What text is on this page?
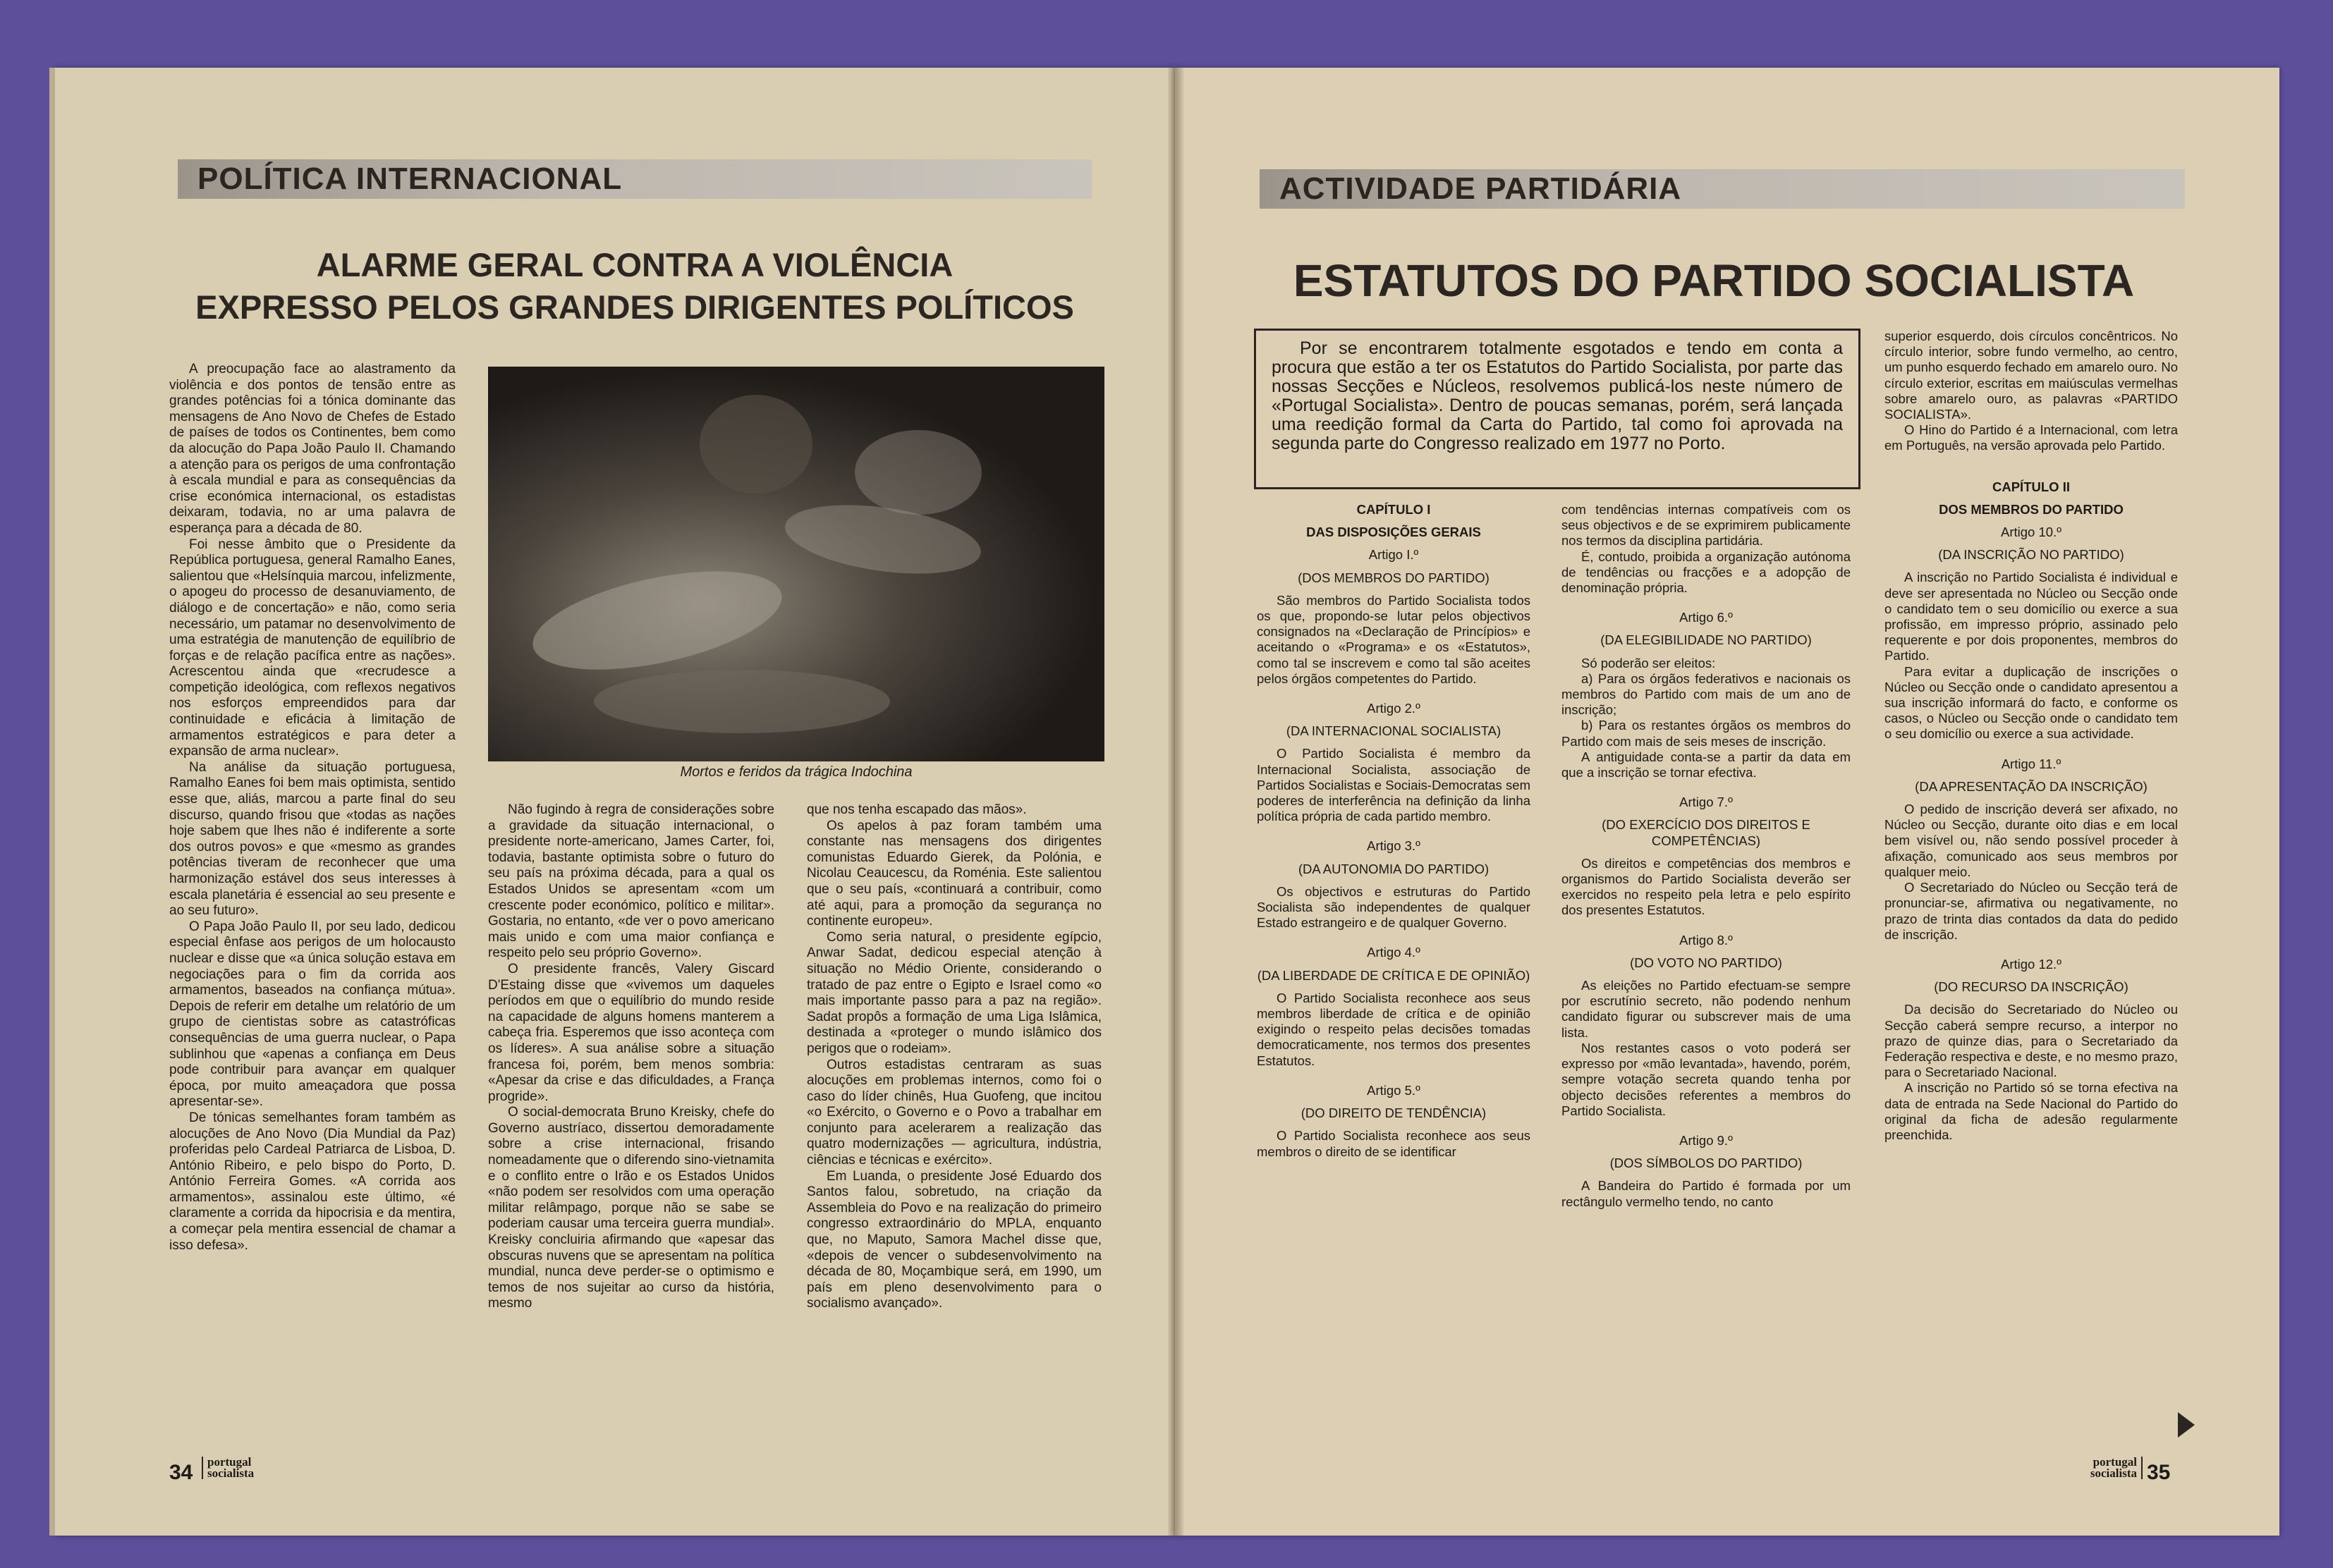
POLÍTICA INTERNACIONAL
ALARME GERAL CONTRA A VIOLÊNCIA
EXPRESSO PELOS GRANDES DIRIGENTES POLÍTICOS

A preocupação face ao alastramento da violência e dos pontos de tensão entre as grandes potências foi a tónica dominante das mensagens de Ano Novo de Chefes de Estado de países de todos os Continentes, bem como da alocução do Papa João Paulo II. Chamando a atenção para os perigos de uma confrontação à escala mundial e para as consequências da crise económica internacional, os estadistas deixaram, todavia, no ar uma palavra de esperança para a década de 80.

Foi nesse âmbito que o Presidente da República portuguesa, general Ramalho Eanes, salientou que «Helsínquia marcou, infelizmente, o apogeu do processo de desanuviamento, de diálogo e de concertação» e não, como seria necessário, um patamar no desenvolvimento de uma estratégia de manutenção de equilíbrio de forças e de relação pacífica entre as nações». Acrescentou ainda que «recrudesce a competição ideológica, com reflexos negativos nos esforços empreendidos para dar continuidade e eficácia à limitação de armamentos estratégicos e para deter a expansão de arma nuclear».

Na análise da situação portuguesa, Ramalho Eanes foi bem mais optimista, sentido esse que, aliás, marcou a parte final do seu discurso, quando frisou que «todas as nações hoje sabem que lhes não é indiferente a sorte dos outros povos» e que «mesmo as grandes potências tiveram de reconhecer que uma harmonização estável dos seus interesses à escala planetária é essencial ao seu presente e ao seu futuro».

O Papa João Paulo II, por seu lado, dedicou especial ênfase aos perigos de um holocausto nuclear e disse que «a única solução estava em negociações para o fim da corrida aos armamentos, baseados na confiança mútua». Depois de referir em detalhe um relatório de um grupo de cientistas sobre as catastróficas consequências de uma guerra nuclear, o Papa sublinhou que «apenas a confiança em Deus pode contribuir para avançar em qualquer época, por muito ameaçadora que possa apresentar-se».

De tónicas semelhantes foram também as alocuções de Ano Novo (Dia Mundial da Paz) proferidas pelo Cardeal Patriarca de Lisboa, D. António Ribeiro, e pelo bispo do Porto, D. António Ferreira Gomes. «A corrida aos armamentos», assinalou este último, «é claramente a corrida da hipocrisia e da mentira, a começar pela mentira essencial de chamar a isso defesa».

Mortos e feridos da trágica Indochina

Não fugindo à regra de considerações sobre a gravidade da situação internacional, o presidente norte-americano, James Carter, foi, todavia, bastante optimista sobre o futuro do seu país na próxima década, para a qual os Estados Unidos se apresentam «com um crescente poder económico, político e militar». Gostaria, no entanto, «de ver o povo americano mais unido e com uma maior confiança e respeito pelo seu próprio Governo».

O presidente francês, Valery Giscard D'Estaing disse que «vivemos um daqueles períodos em que o equilíbrio do mundo reside na capacidade de alguns homens manterem a cabeça fria. Esperemos que isso aconteça com os líderes». A sua análise sobre a situação francesa foi, porém, bem menos sombria: «Apesar da crise e das dificuldades, a França progride».

O social-democrata Bruno Kreisky, chefe do Governo austríaco, dissertou demoradamente sobre a crise internacional, frisando nomeadamente que o diferendo sino-vietnamita e o conflito entre o Irão e os Estados Unidos «não podem ser resolvidos com uma operação militar relâmpago, porque não se sabe se poderiam causar uma terceira guerra mundial». Kreisky concluiria afirmando que «apesar das obscuras nuvens que se apresentam na política mundial, nunca deve perder-se o optimismo e temos de nos sujeitar ao curso da história, mesmo

que nos tenha escapado das mãos».

Os apelos à paz foram também uma constante nas mensagens dos dirigentes comunistas Eduardo Gierek, da Polónia, e Nicolau Ceaucescu, da Roménia. Este salientou que o seu país, «continuará a contribuir, como até aqui, para a promoção da segurança no continente europeu».

Como seria natural, o presidente egípcio, Anwar Sadat, dedicou especial atenção à situação no Médio Oriente, considerando o tratado de paz entre o Egipto e Israel como «o mais importante passo para a paz na região». Sadat propôs a formação de uma Liga Islâmica, destinada a «proteger o mundo islâmico dos perigos que o rodeiam».

Outros estadistas centraram as suas alocuções em problemas internos, como foi o caso do líder chinês, Hua Guofeng, que incitou «o Exército, o Governo e o Povo a trabalhar em conjunto para acelerarem a realização das quatro modernizações — agricultura, indústria, ciências e técnicas e exército».

Em Luanda, o presidente José Eduardo dos Santos falou, sobretudo, na criação da Assembleia do Povo e na realização do primeiro congresso extraordinário do MPLA, enquanto que, no Maputo, Samora Machel disse que, «depois de vencer o subdesenvolvimento na década de 80, Moçambique será, em 1990, um país em pleno desenvolvimento para o socialismo avançado».

34	portugal socialista
ACTIVIDADE PARTIDÁRIA
ESTATUTOS DO PARTIDO SOCIALISTA
Por se encontrarem totalmente esgotados e tendo em conta a procura que estão a ter os Estatutos do Partido Socialista, por parte das nossas Secções e Núcleos, resolvemos publicá-los neste número de «Portugal Socialista». Dentro de poucas semanas, porém, será lançada uma reedição formal da Carta do Partido, tal como foi aprovada na segunda parte do Congresso realizado em 1977 no Porto.
CAPÍTULO I
DAS DISPOSIÇÕES GERAIS
Artigo I.º
(DOS MEMBROS DO PARTIDO)

São membros do Partido Socialista todos os que, propondo-se lutar pelos objectivos consignados na «Declaração de Princípios» e aceitando o «Programa» e os «Estatutos», como tal se inscrevem e como tal são aceites pelos órgãos competentes do Partido.

Artigo 2.º
(DA INTERNACIONAL SOCIALISTA)

O Partido Socialista é membro da Internacional Socialista, associação de Partidos Socialistas e Sociais-Democratas sem poderes de interferência na definição da linha política própria de cada partido membro.

Artigo 3.º
(DA AUTONOMIA DO PARTIDO)

Os objectivos e estruturas do Partido Socialista são independentes de qualquer Estado estrangeiro e de qualquer Governo.

Artigo 4.º
(DA LIBERDADE DE CRÍTICA E DE OPINIÃO)

O Partido Socialista reconhece aos seus membros liberdade de crítica e de opinião exigindo o respeito pelas decisões tomadas democraticamente, nos termos dos presentes Estatutos.

Artigo 5.º
(DO DIREITO DE TENDÊNCIA)

O Partido Socialista reconhece aos seus membros o direito de se identificar

com tendências internas compatíveis com os seus objectivos e de se exprimirem publicamente nos termos da disciplina partidária.

É, contudo, proibida a organização autónoma de tendências ou fracções e a adopção de denominação própria.

Artigo 6.º
(DA ELEGIBILIDADE NO PARTIDO)

Só poderão ser eleitos:

a) Para os órgãos federativos e nacionais os membros do Partido com mais de um ano de inscrição;

b) Para os restantes órgãos os membros do Partido com mais de seis meses de inscrição.

A antiguidade conta-se a partir da data em que a inscrição se tornar efectiva.

Artigo 7.º
(DO EXERCÍCIO DOS DIREITOS E COMPETÊNCIAS)

Os direitos e competências dos membros e organismos do Partido Socialista deverão ser exercidos no respeito pela letra e pelo espírito dos presentes Estatutos.

Artigo 8.º
(DO VOTO NO PARTIDO)

As eleições no Partido efectuam-se sempre por escrutínio secreto, não podendo nenhum candidato figurar ou subscrever mais de uma lista.

Nos restantes casos o voto poderá ser expresso por «mão levantada», havendo, porém, sempre votação secreta quando tenha por objecto decisões referentes a membros do Partido Socialista.

Artigo 9.º
(DOS SÍMBOLOS DO PARTIDO)

A Bandeira do Partido é formada por um rectângulo vermelho tendo, no canto

superior esquerdo, dois círculos concêntricos. No círculo interior, sobre fundo vermelho, ao centro, um punho esquerdo fechado em amarelo ouro. No círculo exterior, escritas em maiúsculas vermelhas sobre amarelo ouro, as palavras «PARTIDO SOCIALISTA».

O Hino do Partido é a Internacional, com letra em Português, na versão aprovada pelo Partido.

CAPÍTULO II
DOS MEMBROS DO PARTIDO
Artigo 10.º
(DA INSCRIÇÃO NO PARTIDO)

A inscrição no Partido Socialista é individual e deve ser apresentada no Núcleo ou Secção onde o candidato tem o seu domicílio ou exerce a sua profissão, em impresso próprio, assinado pelo requerente e por dois proponentes, membros do Partido.

Para evitar a duplicação de inscrições o Núcleo ou Secção onde o candidato apresentou a sua inscrição informará do facto, e conforme os casos, o Núcleo ou Secção onde o candidato tem o seu domicílio ou exerce a sua actividade.

Artigo 11.º
(DA APRESENTAÇÃO DA INSCRIÇÃO)

O pedido de inscrição deverá ser afixado, no Núcleo ou Secção, durante oito dias e em local bem visível ou, não sendo possível proceder à afixação, comunicado aos seus membros por qualquer meio.

O Secretariado do Núcleo ou Secção terá de pronunciar-se, afirmativa ou negativamente, no prazo de trinta dias contados da data do pedido de inscrição.

Artigo 12.º
(DO RECURSO DA INSCRIÇÃO)

Da decisão do Secretariado do Núcleo ou Secção caberá sempre recurso, a interpor no prazo de quinze dias, para o Secretariado da Federação respectiva e deste, e no mesmo prazo, para o Secretariado Nacional.

A inscrição no Partido só se torna efectiva na data de entrada na Sede Nacional do Partido do original da ficha de adesão regularmente preenchida.

portugal socialista 35
